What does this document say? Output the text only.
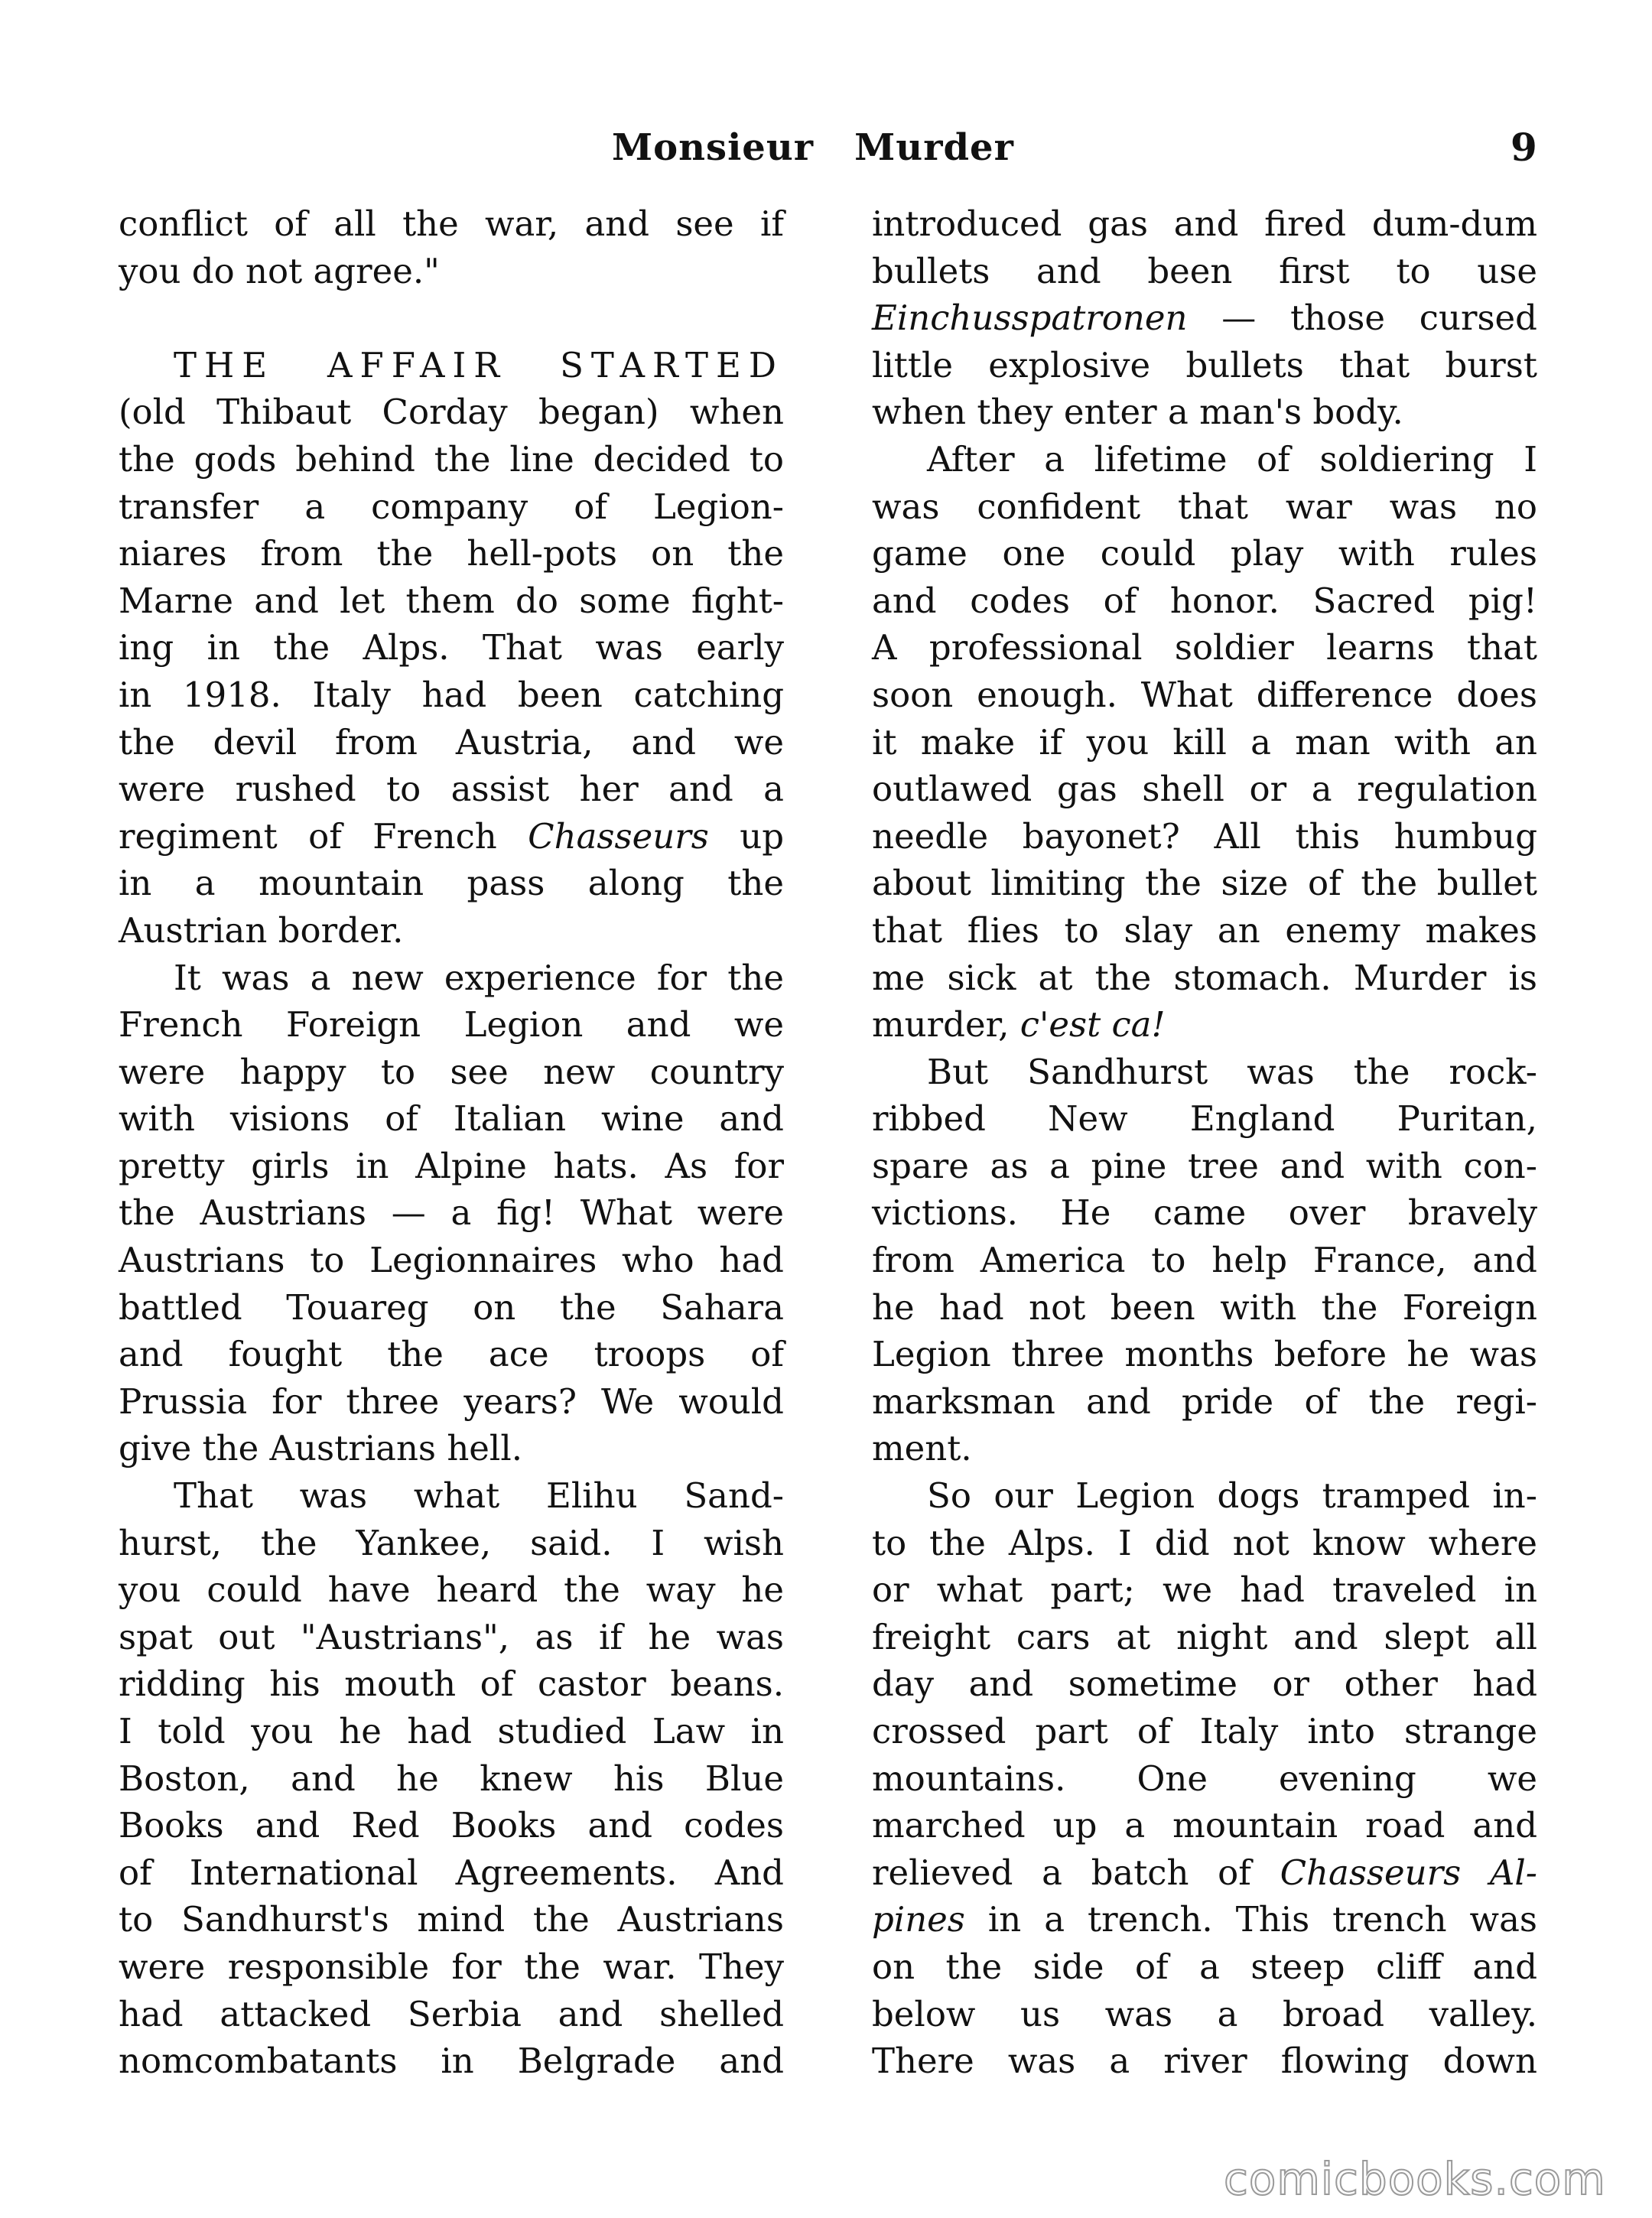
Monsieur   Murder	9
conflict of all the war, and see if
you do not agree."
THE AFFAIR STARTED
(old Thibaut Corday began) when
the gods behind the line decided to
transfer a company of Legion-
niares from the hell-pots on the
Marne and let them do some fight-
ing in the Alps. That was early
in 1918. Italy had been catching
the devil from Austria, and we
were rushed to assist her and a
regiment of French Chasseurs up
in a mountain pass along the
Austrian border.
It was a new experience for the
French Foreign Legion and we
were happy to see new country
with visions of Italian wine and
pretty girls in Alpine hats. As for
the Austrians — a fig! What were
Austrians to Legionnaires who had
battled Touareg on the Sahara
and fought the ace troops of
Prussia for three years? We would
give the Austrians hell.
That was what Elihu Sand-
hurst, the Yankee, said. I wish
you could have heard the way he
spat out "Austrians", as if he was
ridding his mouth of castor beans.
I told you he had studied Law in
Boston, and he knew his Blue
Books and Red Books and codes
of International Agreements. And
to Sandhurst's mind the Austrians
were responsible for the war. They
had attacked Serbia and shelled
nomcombatants in Belgrade and
introduced gas and fired dum-dum
bullets and been first to use
Einchusspatronen — those cursed
little explosive bullets that burst
when they enter a man's body.
After a lifetime of soldiering I
was confident that war was no
game one could play with rules
and codes of honor. Sacred pig!
A professional soldier learns that
soon enough. What difference does
it make if you kill a man with an
outlawed gas shell or a regulation
needle bayonet? All this humbug
about limiting the size of the bullet
that flies to slay an enemy makes
me sick at the stomach. Murder is
murder, c'est ca!
But Sandhurst was the rock-
ribbed New England Puritan,
spare as a pine tree and with con-
victions. He came over bravely
from America to help France, and
he had not been with the Foreign
Legion three months before he was
marksman and pride of the regi-
ment.
So our Legion dogs tramped in-
to the Alps. I did not know where
or what part; we had traveled in
freight cars at night and slept all
day and sometime or other had
crossed part of Italy into strange
mountains. One evening we
marched up a mountain road and
relieved a batch of Chasseurs Al-
pines in a trench. This trench was
on the side of a steep cliff and
below us was a broad valley.
There was a river flowing down
comicbooks.com
